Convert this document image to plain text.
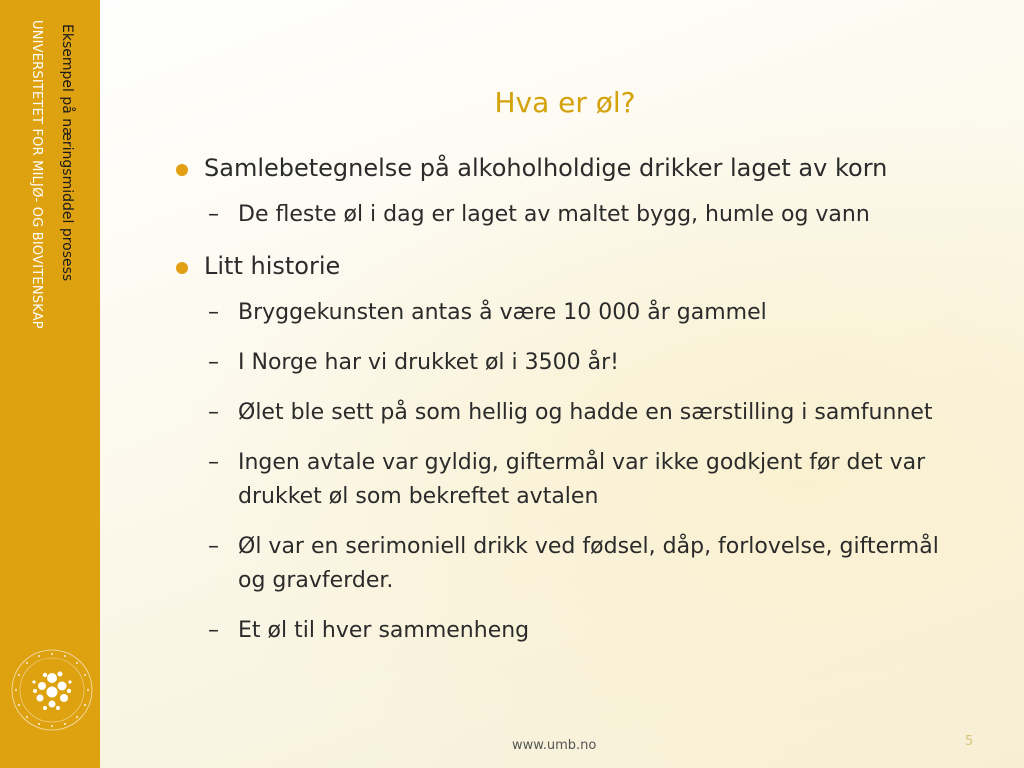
Eksempel på næringsmiddel prosess
UNIVERSITETET FOR MILJØ- OG BIOVITENSKAP	Hva er øl?
Samlebetegnelse på alkoholholdige drikker laget av korn
– De fleste øl i dag er laget av maltet bygg, humle og vann
Litt historie
– Bryggekunsten antas å være 10 000 år gammel
– I Norge har vi drukket øl i 3500 år!
– Ølet ble sett på som hellig og hadde en særstilling i samfunnet
– Ingen avtale var gyldig, giftermål var ikke godkjent før det var drukket øl som bekreftet avtalen
– Øl var en serimoniell drikk ved fødsel, dåp, forlovelse, giftermål og gravferder.
– Et øl til hver sammenheng
www.umb.no	5
